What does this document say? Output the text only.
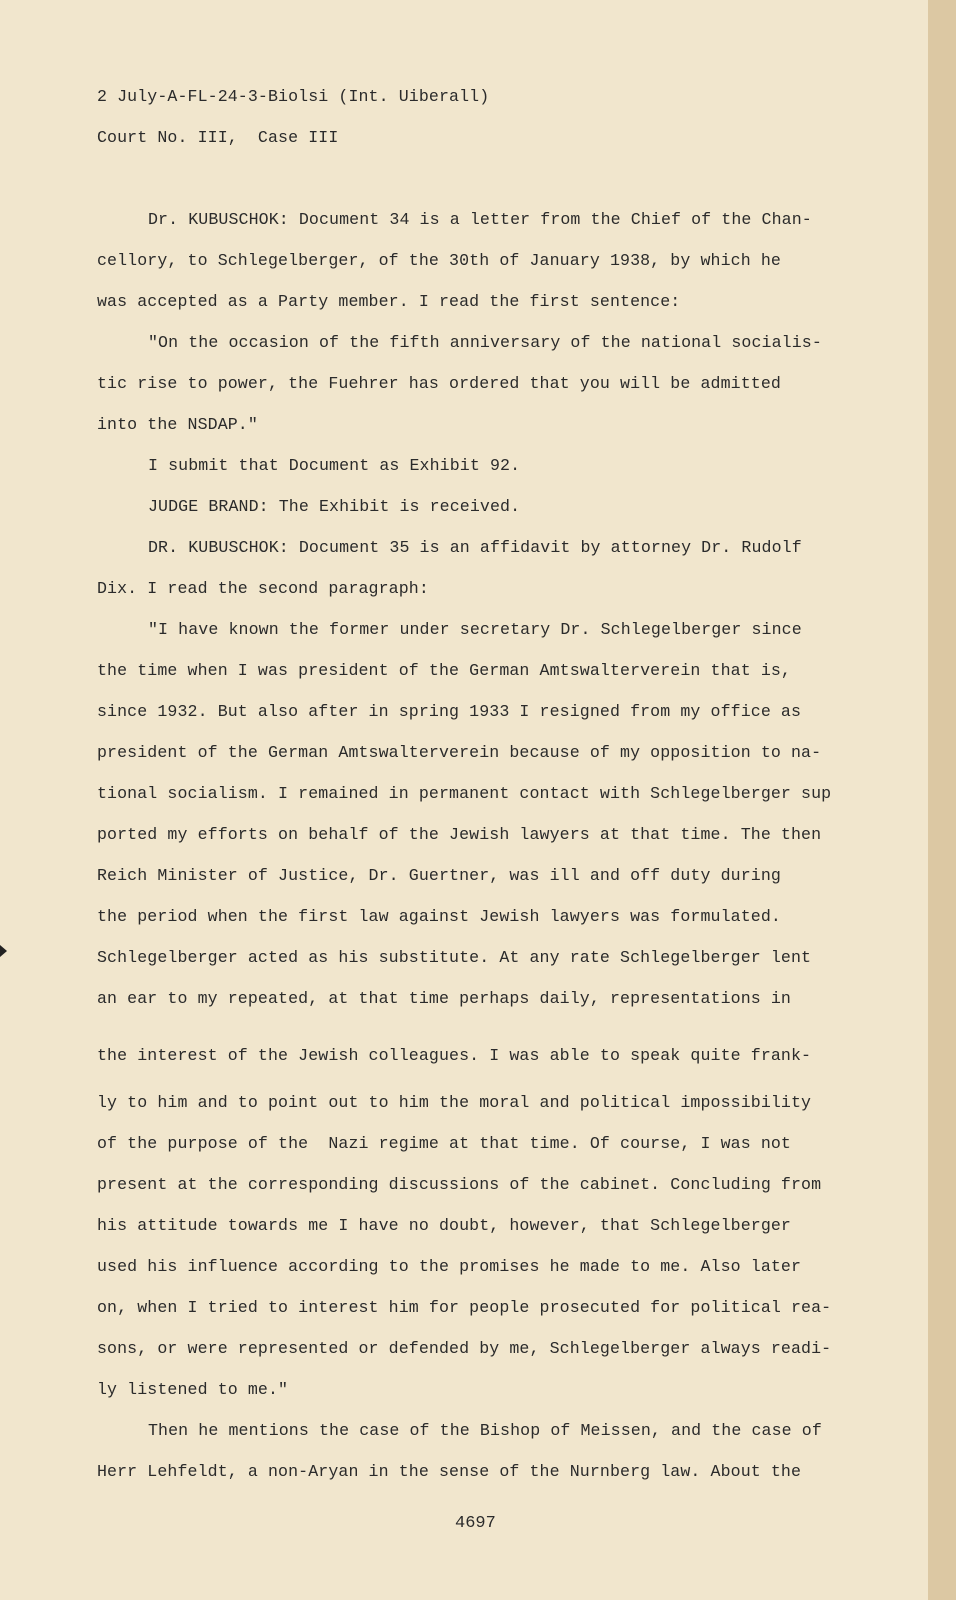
2 July-A-FL-24-3-Biolsi (Int. Uiberall)
Court No. III,  Case III
Dr. KUBUSCHOK: Document 34 is a letter from the Chief of the Chan-
cellory, to Schlegelberger, of the 30th of January 1938, by which he
was accepted as a Party member. I read the first sentence:
"On the occasion of the fifth anniversary of the national socialis-
tic rise to power, the Fuehrer has ordered that you will be admitted
into the NSDAP."
I submit that Document as Exhibit 92.
JUDGE BRAND: The Exhibit is received.
DR. KUBUSCHOK: Document 35 is an affidavit by attorney Dr. Rudolf
Dix. I read the second paragraph:
"I have known the former under secretary Dr. Schlegelberger since
the time when I was president of the German Amtswalterverein that is,
since 1932. But also after in spring 1933 I resigned from my office as
president of the German Amtswalterverein because of my opposition to na-
tional socialism. I remained in permanent contact with Schlegelberger sup
ported my efforts on behalf of the Jewish lawyers at that time. The then
Reich Minister of Justice, Dr. Guertner, was ill and off duty during
the period when the first law against Jewish lawyers was formulated.
Schlegelberger acted as his substitute. At any rate Schlegelberger lent
an ear to my repeated, at that time perhaps daily, representations in
the interest of the Jewish colleagues. I was able to speak quite frank-
ly to him and to point out to him the moral and political impossibility
of the purpose of the  Nazi regime at that time. Of course, I was not
present at the corresponding discussions of the cabinet. Concluding from
his attitude towards me I have no doubt, however, that Schlegelberger
used his influence according to the promises he made to me. Also later
on, when I tried to interest him for people prosecuted for political rea-
sons, or were represented or defended by me, Schlegelberger always readi-
ly listened to me."
Then he mentions the case of the Bishop of Meissen, and the case of
Herr Lehfeldt, a non-Aryan in the sense of the Nurnberg law. About the
4697
